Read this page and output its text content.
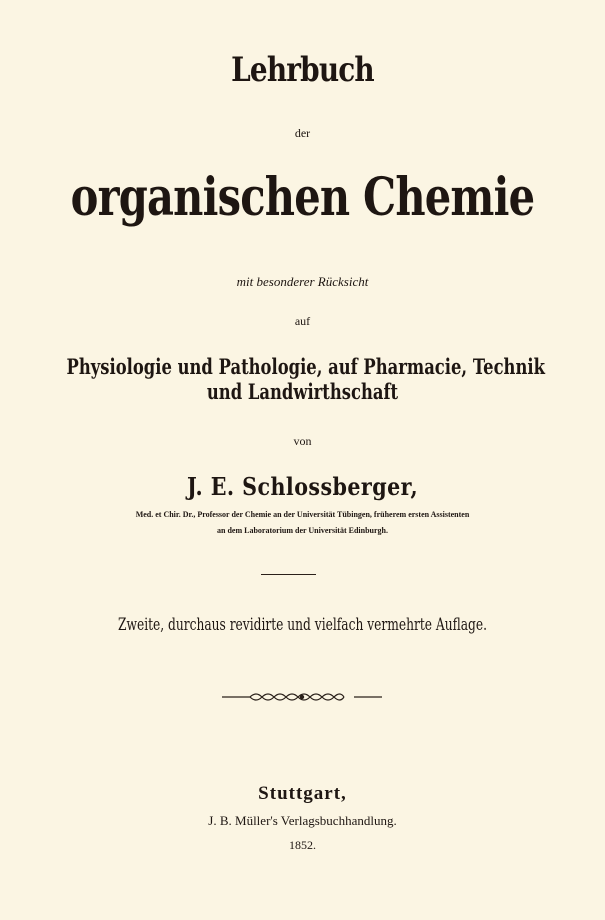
Lehrbuch
der
organischen Chemie
mit besonderer Rücksicht
auf
Physiologie und Pathologie, auf Pharmacie, Technik
und Landwirthschaft
von
J. E. Schlossberger,
Med. et Chir. Dr., Professor der Chemie an der Universität Tübingen, früherem ersten Assistenten
an dem Laboratorium der Universität Edinburgh.
Zweite, durchaus revidirte und vielfach vermehrte Auflage.
Stuttgart,
J. B. Müller's Verlagsbuchhandlung.
1852.
